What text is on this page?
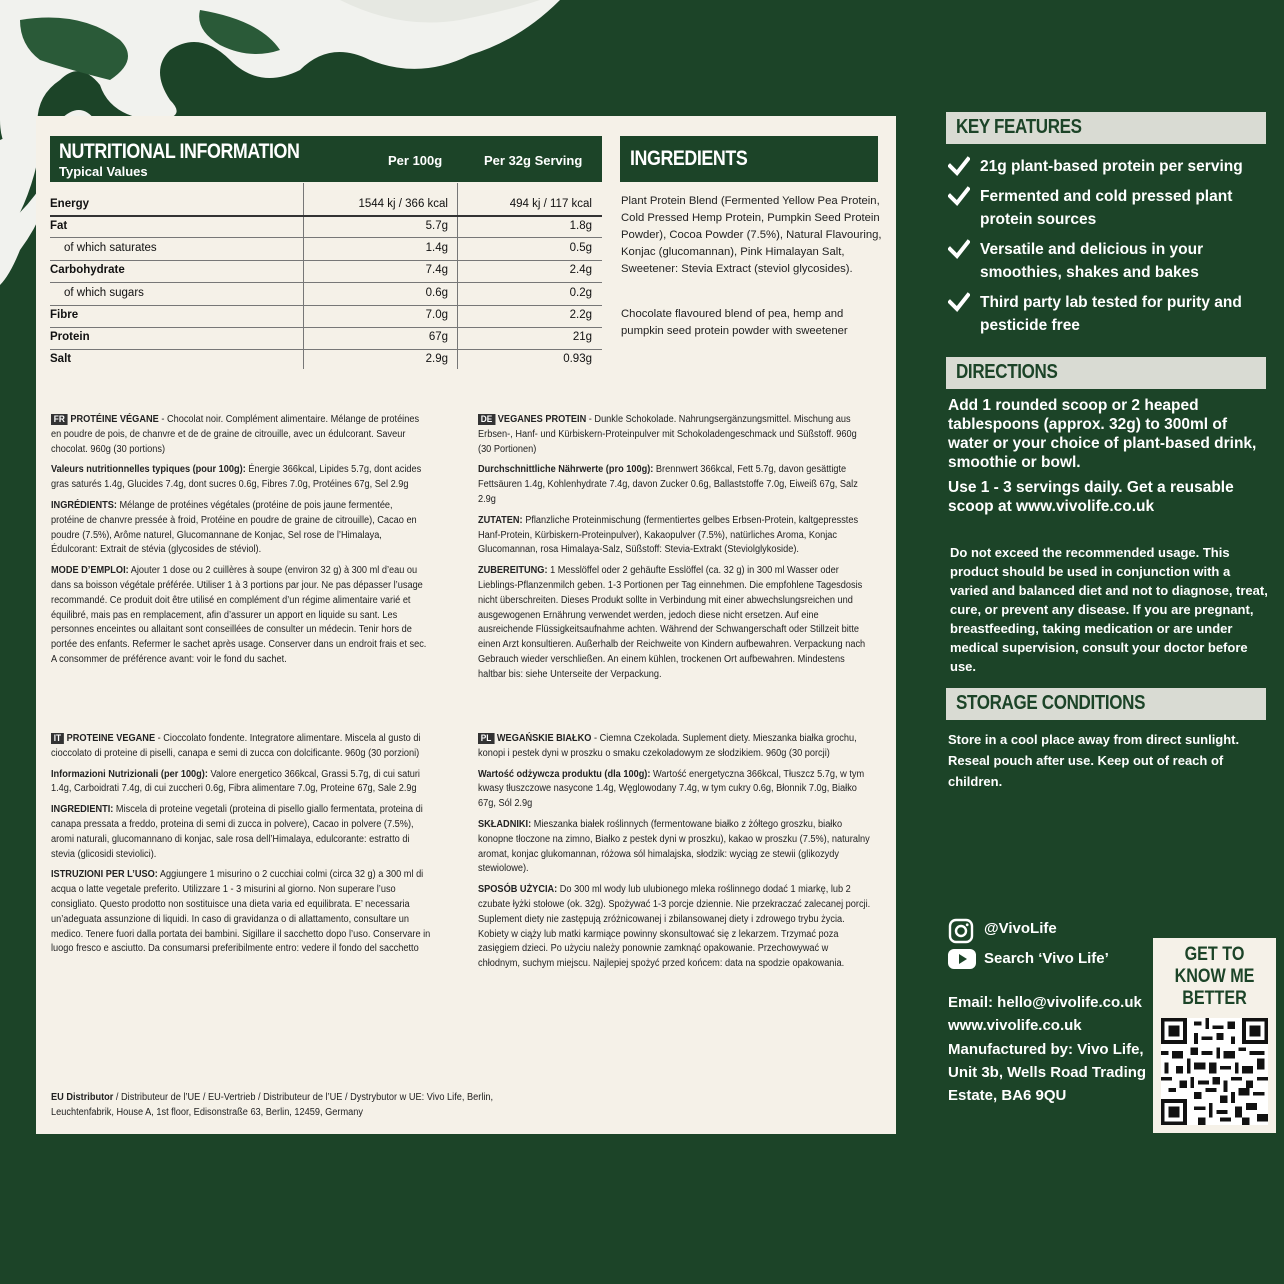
NUTRITIONAL INFORMATION
Typical Values
Per 100g	Per 32g Serving
Energy	1544 kj / 366 kcal	494 kj / 117 kcal
Fat	5.7g	1.8g
of which saturates	1.4g	0.5g
Carbohydrate	7.4g	2.4g
of which sugars	0.6g	0.2g
Fibre	7.0g	2.2g
Protein	67g	21g
Salt	2.9g	0.93g
INGREDIENTS
Plant Protein Blend (Fermented Yellow Pea Protein, Cold Pressed Hemp Protein, Pumpkin Seed Protein Powder), Cocoa Powder (7.5%), Natural Flavouring, Konjac (glucomannan), Pink Himalayan Salt, Sweetener: Stevia Extract (steviol glycosides).
Chocolate flavoured blend of pea, hemp and pumpkin seed protein powder with sweetener

FR PROTÉINE VÉGANE - Chocolat noir. Complément alimentaire. Mélange de protéines en poudre de pois, de chanvre et de de graine de citrouille, avec un édulcorant. Saveur chocolat. 960g (30 portions)

Valeurs nutritionnelles typiques (pour 100g): Énergie 366kcal, Lipides 5.7g, dont acides gras saturés 1.4g, Glucides 7.4g, dont sucres 0.6g, Fibres 7.0g, Protéines 67g, Sel 2.9g

INGRÉDIENTS: Mélange de protéines végétales (protéine de pois jaune fermentée, protéine de chanvre pressée à froid, Protéine en poudre de graine de citrouille), Cacao en poudre (7.5%), Arôme naturel, Glucomannane de Konjac, Sel rose de l’Himalaya, Édulcorant: Extrait de stévia (glycosides de stéviol).

MODE D’EMPLOI: Ajouter 1 dose ou 2 cuillères à soupe (environ 32 g) à 300 ml d’eau ou dans sa boisson végétale préférée. Utiliser 1 à 3 portions par jour. Ne pas dépasser l’usage recommandé. Ce produit doit être utilisé en complément d’un régime alimentaire varié et équilibré, mais pas en remplacement, afin d’assurer un apport en liquide su sant. Les personnes enceintes ou allaitant sont conseillées de consulter un médecin. Tenir hors de portée des enfants. Refermer le sachet après usage. Conserver dans un endroit frais et sec. A consommer de préférence avant: voir le fond du sachet.

DE VEGANES PROTEIN - Dunkle Schokolade. Nahrungsergänzungsmittel. Mischung aus Erbsen-, Hanf- und Kürbiskern-Proteinpulver mit Schokoladengeschmack und Süßstoff. 960g (30 Portionen)

Durchschnittliche Nährwerte (pro 100g): Brennwert 366kcal, Fett 5.7g, davon gesättigte Fettsäuren 1.4g, Kohlenhydrate 7.4g, davon Zucker 0.6g, Ballaststoffe 7.0g, Eiweiß 67g, Salz 2.9g

ZUTATEN: Pflanzliche Proteinmischung (fermentiertes gelbes Erbsen-Protein, kaltgepresstes Hanf-Protein, Kürbiskern-Proteinpulver), Kakaopulver (7.5%), natürliches Aroma, Konjac Glucomannan, rosa Himalaya-Salz, Süßstoff: Stevia-Extrakt (Steviolglykoside).

ZUBEREITUNG: 1 Messlöffel oder 2 gehäufte Esslöffel (ca. 32 g) in 300 ml Wasser oder Lieblings-Pflanzenmilch geben. 1-3 Portionen per Tag einnehmen. Die empfohlene Tagesdosis nicht überschreiten. Dieses Produkt sollte in Verbindung mit einer abwechslungsreichen und ausgewogenen Ernährung verwendet werden, jedoch diese nicht ersetzen. Auf eine ausreichende Flüssigkeitsaufnahme achten. Während der Schwangerschaft oder Stillzeit bitte einen Arzt konsultieren. Außerhalb der Reichweite von Kindern aufbewahren. Verpackung nach Gebrauch wieder verschließen. An einem kühlen, trockenen Ort aufbewahren. Mindestens haltbar bis: siehe Unterseite der Verpackung.

IT PROTEINE VEGANE - Cioccolato fondente. Integratore alimentare. Miscela al gusto di cioccolato di proteine di piselli, canapa e semi di zucca con dolcificante. 960g (30 porzioni)

Informazioni Nutrizionali (per 100g): Valore energetico 366kcal, Grassi 5.7g, di cui saturi 1.4g, Carboidrati 7.4g, di cui zuccheri 0.6g, Fibra alimentare 7.0g, Proteine 67g, Sale 2.9g

INGREDIENTI: Miscela di proteine vegetali (proteina di pisello giallo fermentata, proteina di canapa pressata a freddo, proteina di semi di zucca in polvere), Cacao in polvere (7.5%), aromi naturali, glucomannano di konjac, sale rosa dell’Himalaya, edulcorante: estratto di stevia (glicosidi steviolici).

ISTRUZIONI PER L’USO: Aggiungere 1 misurino o 2 cucchiai colmi (circa 32 g) a 300 ml di acqua o latte vegetale preferito. Utilizzare 1 - 3 misurini al giorno. Non superare l’uso consigliato. Questo prodotto non sostituisce una dieta varia ed equilibrata. E’ necessaria un’adeguata assunzione di liquidi. In caso di gravidanza o di allattamento, consultare un medico. Tenere fuori dalla portata dei bambini. Sigillare il sacchetto dopo l’uso. Conservare in luogo fresco e asciutto. Da consumarsi preferibilmente entro: vedere il fondo del sacchetto

PL WEGAŃSKIE BIAŁKO - Ciemna Czekolada. Suplement diety. Mieszanka białka grochu, konopi i pestek dyni w proszku o smaku czekoladowym ze słodzikiem. 960g (30 porcji)

Wartość odżywcza produktu (dla 100g): Wartość energetyczna 366kcal, Tłuszcz 5.7g, w tym kwasy tłuszczowe nasycone 1.4g, Węglowodany 7.4g, w tym cukry 0.6g, Błonnik 7.0g, Białko 67g, Sól 2.9g

SKŁADNIKI: Mieszanka białek roślinnych (fermentowane białko z żółtego groszku, białko konopne tłoczone na zimno, Białko z pestek dyni w proszku), kakao w proszku (7.5%), naturalny aromat, konjac glukomannan, różowa sól himalajska, słodzik: wyciąg ze stewii (glikozydy stewiolowe).

SPOSÓB UŻYCIA: Do 300 ml wody lub ulubionego mleka roślinnego dodać 1 miarkę, lub 2 czubate łyżki stołowe (ok. 32g). Spożywać 1-3 porcje dziennie. Nie przekraczać zalecanej porcji. Suplement diety nie zastępują zróżnicowanej i zbilansowanej diety i zdrowego trybu życia. Kobiety w ciąży lub matki karmiące powinny skonsultować się z lekarzem. Trzymać poza zasięgiem dzieci. Po użyciu należy ponownie zamknąć opakowanie. Przechowywać w chłodnym, suchym miejscu. Najlepiej spożyć przed końcem: data na spodzie opakowania.

EU Distributor / Distributeur de l’UE / EU-Vertrieb / Distributeur de l’UE / Dystrybutor w UE: Vivo Life, Berlin, Leuchtenfabrik, House A, 1st floor, Edisonstraße 63, Berlin, 12459, Germany
KEY FEATURES
21g plant-based protein per serving
Fermented and cold pressed plant protein sources
Versatile and delicious in your smoothies, shakes and bakes
Third party lab tested for purity and pesticide free
DIRECTIONS
Add 1 rounded scoop or 2 heaped tablespoons (approx. 32g) to 300ml of water or your choice of plant-based drink, smoothie or bowl.
Use 1 - 3 servings daily. Get a reusable scoop at www.vivolife.co.uk
Do not exceed the recommended usage. This product should be used in conjunction with a varied and balanced diet and not to diagnose, treat, cure, or prevent any disease. If you are pregnant, breastfeeding, taking medication or are under medical supervision, consult your doctor before use.
STORAGE CONDITIONS
Store in a cool place away from direct sunlight. Reseal pouch after use. Keep out of reach of children.
@VivoLife
Search ‘Vivo Life’
Email: hello@vivolife.co.uk
www.vivolife.co.uk
Manufactured by: Vivo Life, Unit 3b, Wells Road Trading Estate, BA6 9QU
GET TO KNOW ME BETTER
